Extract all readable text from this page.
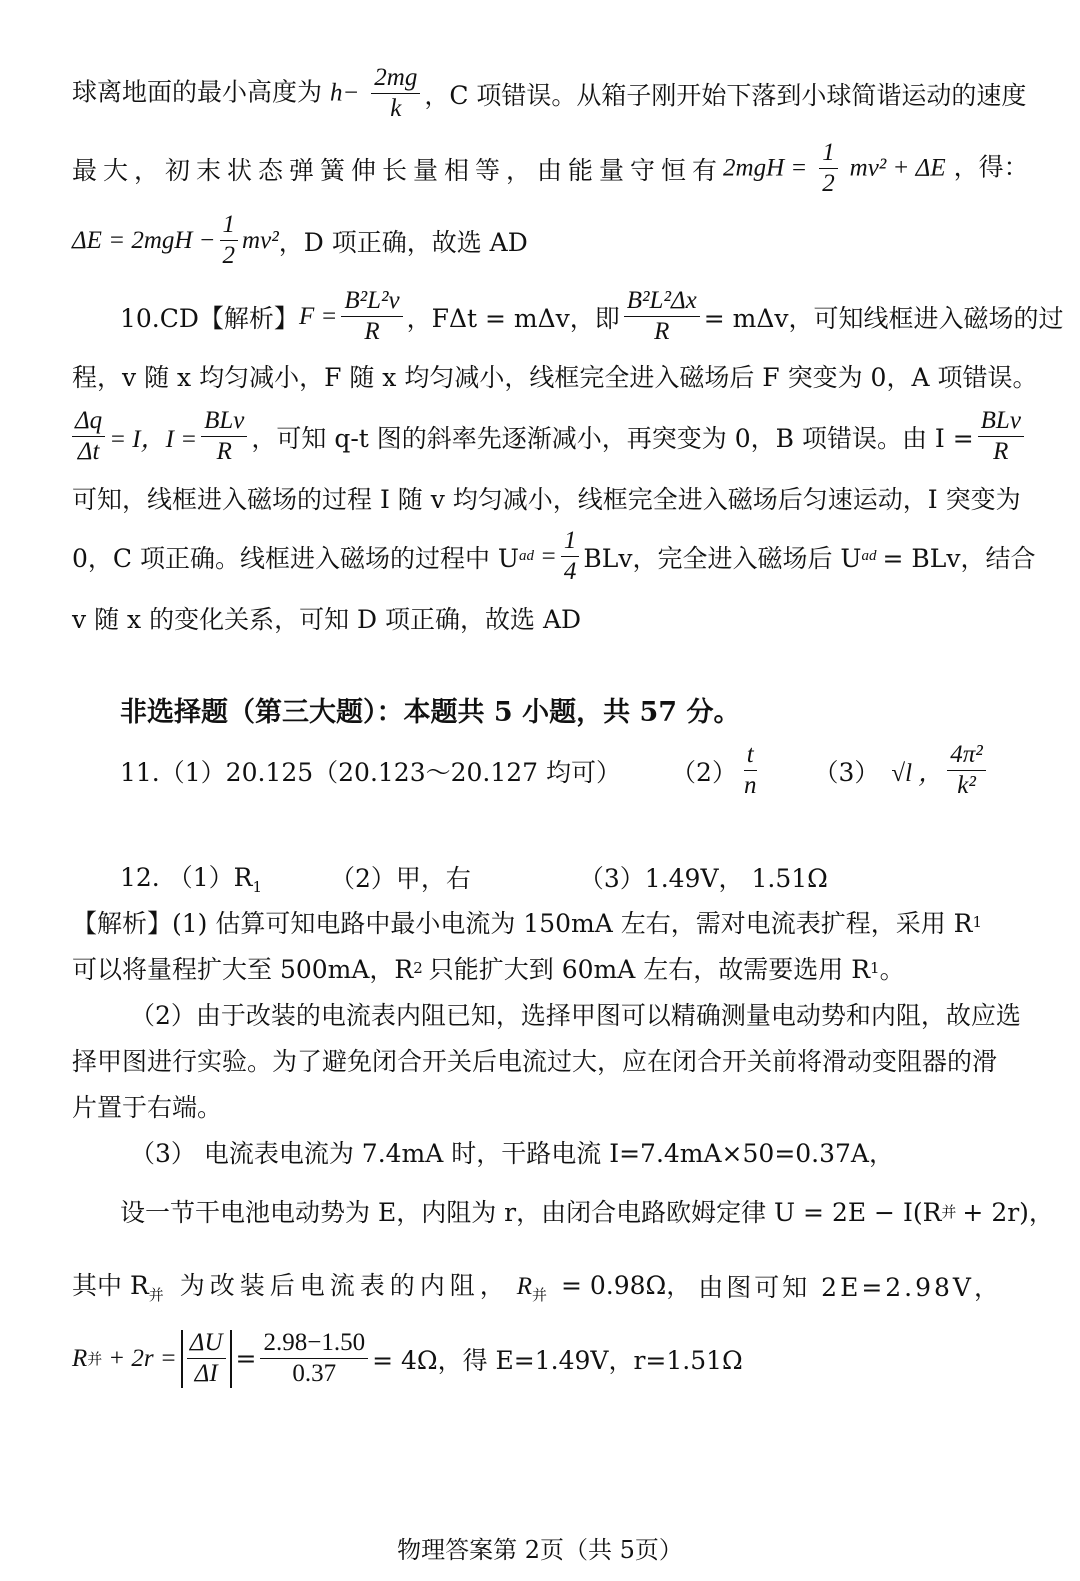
球离地面的最小高度为 $h- \frac{2mg}{k}$ ，C 项错误。从箱子刚开始下落到小球简谐运动的速度
最大，初末状态弹簧伸长量相等，由能量守恒有 $2mgH = \frac{1}{2} mv^2 + \Delta E$ ，得：
$\Delta E = 2mgH - \frac{1}{2} mv^2$ ，D 项正确，故选 AD
10.CD【解析】 $F = \frac{\text{B²L²v}}{R}$ ，FΔt = mΔv，即 $\frac{\text{B²L²Δx}}{R} = m\Delta v$，可知线框进入磁场的过
程，v 随 x 均匀减小，F 随 x 均匀减小，线框完全进入磁场后 F 突变为 0，A 项错误。
$\frac{\Delta q}{\Delta t} = I$，$I = \frac{\text{BLv}}{R}$ ，可知 q-t 图的斜率先逐渐减小，再突变为 0，B 项错误。由 $I = \frac{\text{BLv}}{R}$
可知，线框进入磁场的过程 I 随 v 均匀减小，线框完全进入磁场后匀速运动，I 突变为
0，C 项正确。线框进入磁场的过程中 U ad = $\frac{1}{4}$ BLv，完全进入磁场后 U ad = BLv，结合
v 随 x 的变化关系，可知 D 项正确，故选 AD
非选择题（第三大题）：本题共 5 小题，共 57 分。
11.（1）20.125（20.123～20.127 均可） $(2) \frac{t}{n} (3)$ √l ， $\frac{\text{4π²}}{\text{k²}}$
12. $(1)R_1$	（2）甲，右	（3）1.49V， 1.51Ω
【解析】(1) 估算可知电路中最小电流为 150mA 左右，需对电流表扩程，采用 R 1
可以将量程扩大至 500mA，R 2 只能扩大到 60mA 左右，故需要选用 R 1 。
（2）由于改装的电流表内阻已知，选择甲图可以精确测量电动势和内阻，故应选
择甲图进行实验。为了避免闭合开关后电流过大，应在闭合开关前将滑动变阻器的滑
片置于右端。
（3） 电流表电流为 7.4mA 时，干路电流 I=7.4mA×50=0.37A，
设一节干电池电动势为 E，内阻为 r，由闭合电路欧姆定律 U = 2E − I(R 并 + 2r)，
其中 $R_并$ 为改装后电流表的内阻， $R_并 = 0.98\Omega$， 由图可知 2E=2.98V，
R 并 + $2r = \frac{\Delta U}{\Delta I} = \frac{2.98-1.50}{0.37} = 4\Omega$，得 E=1.49V，r=1.51Ω
物理答案第 2页（共 5页）
